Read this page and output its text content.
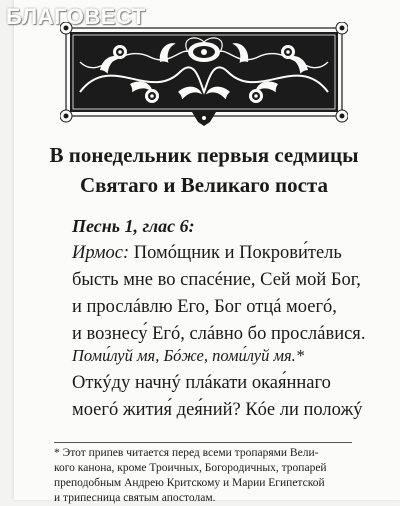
БЛАГОВЕСТ
В понедельник первыя седмицы
Святаго и Великаго поста
Песнь 1, глас 6:
Ирмос: Помóщник и Покрови́тель
бысть мне во спасéние, Сей мой Бог,
и прослáвлю Его, Бог отцá моегó,
и вознесу́ Егó, слáвно бо прослáвися.
Поми́луй мя, Бóже, поми́луй мя.*
Откýду начнý плáкати окая́ннаго
моегó жития́ дея́ний? Кóе ли положý
* Этот припев читается перед всеми тропарями Вели-
кого канона, кроме Троичных, Богородичных, тропарей
преподобным Андрею Критскому и Марии Египетской
и трипесница святым апостолам.
